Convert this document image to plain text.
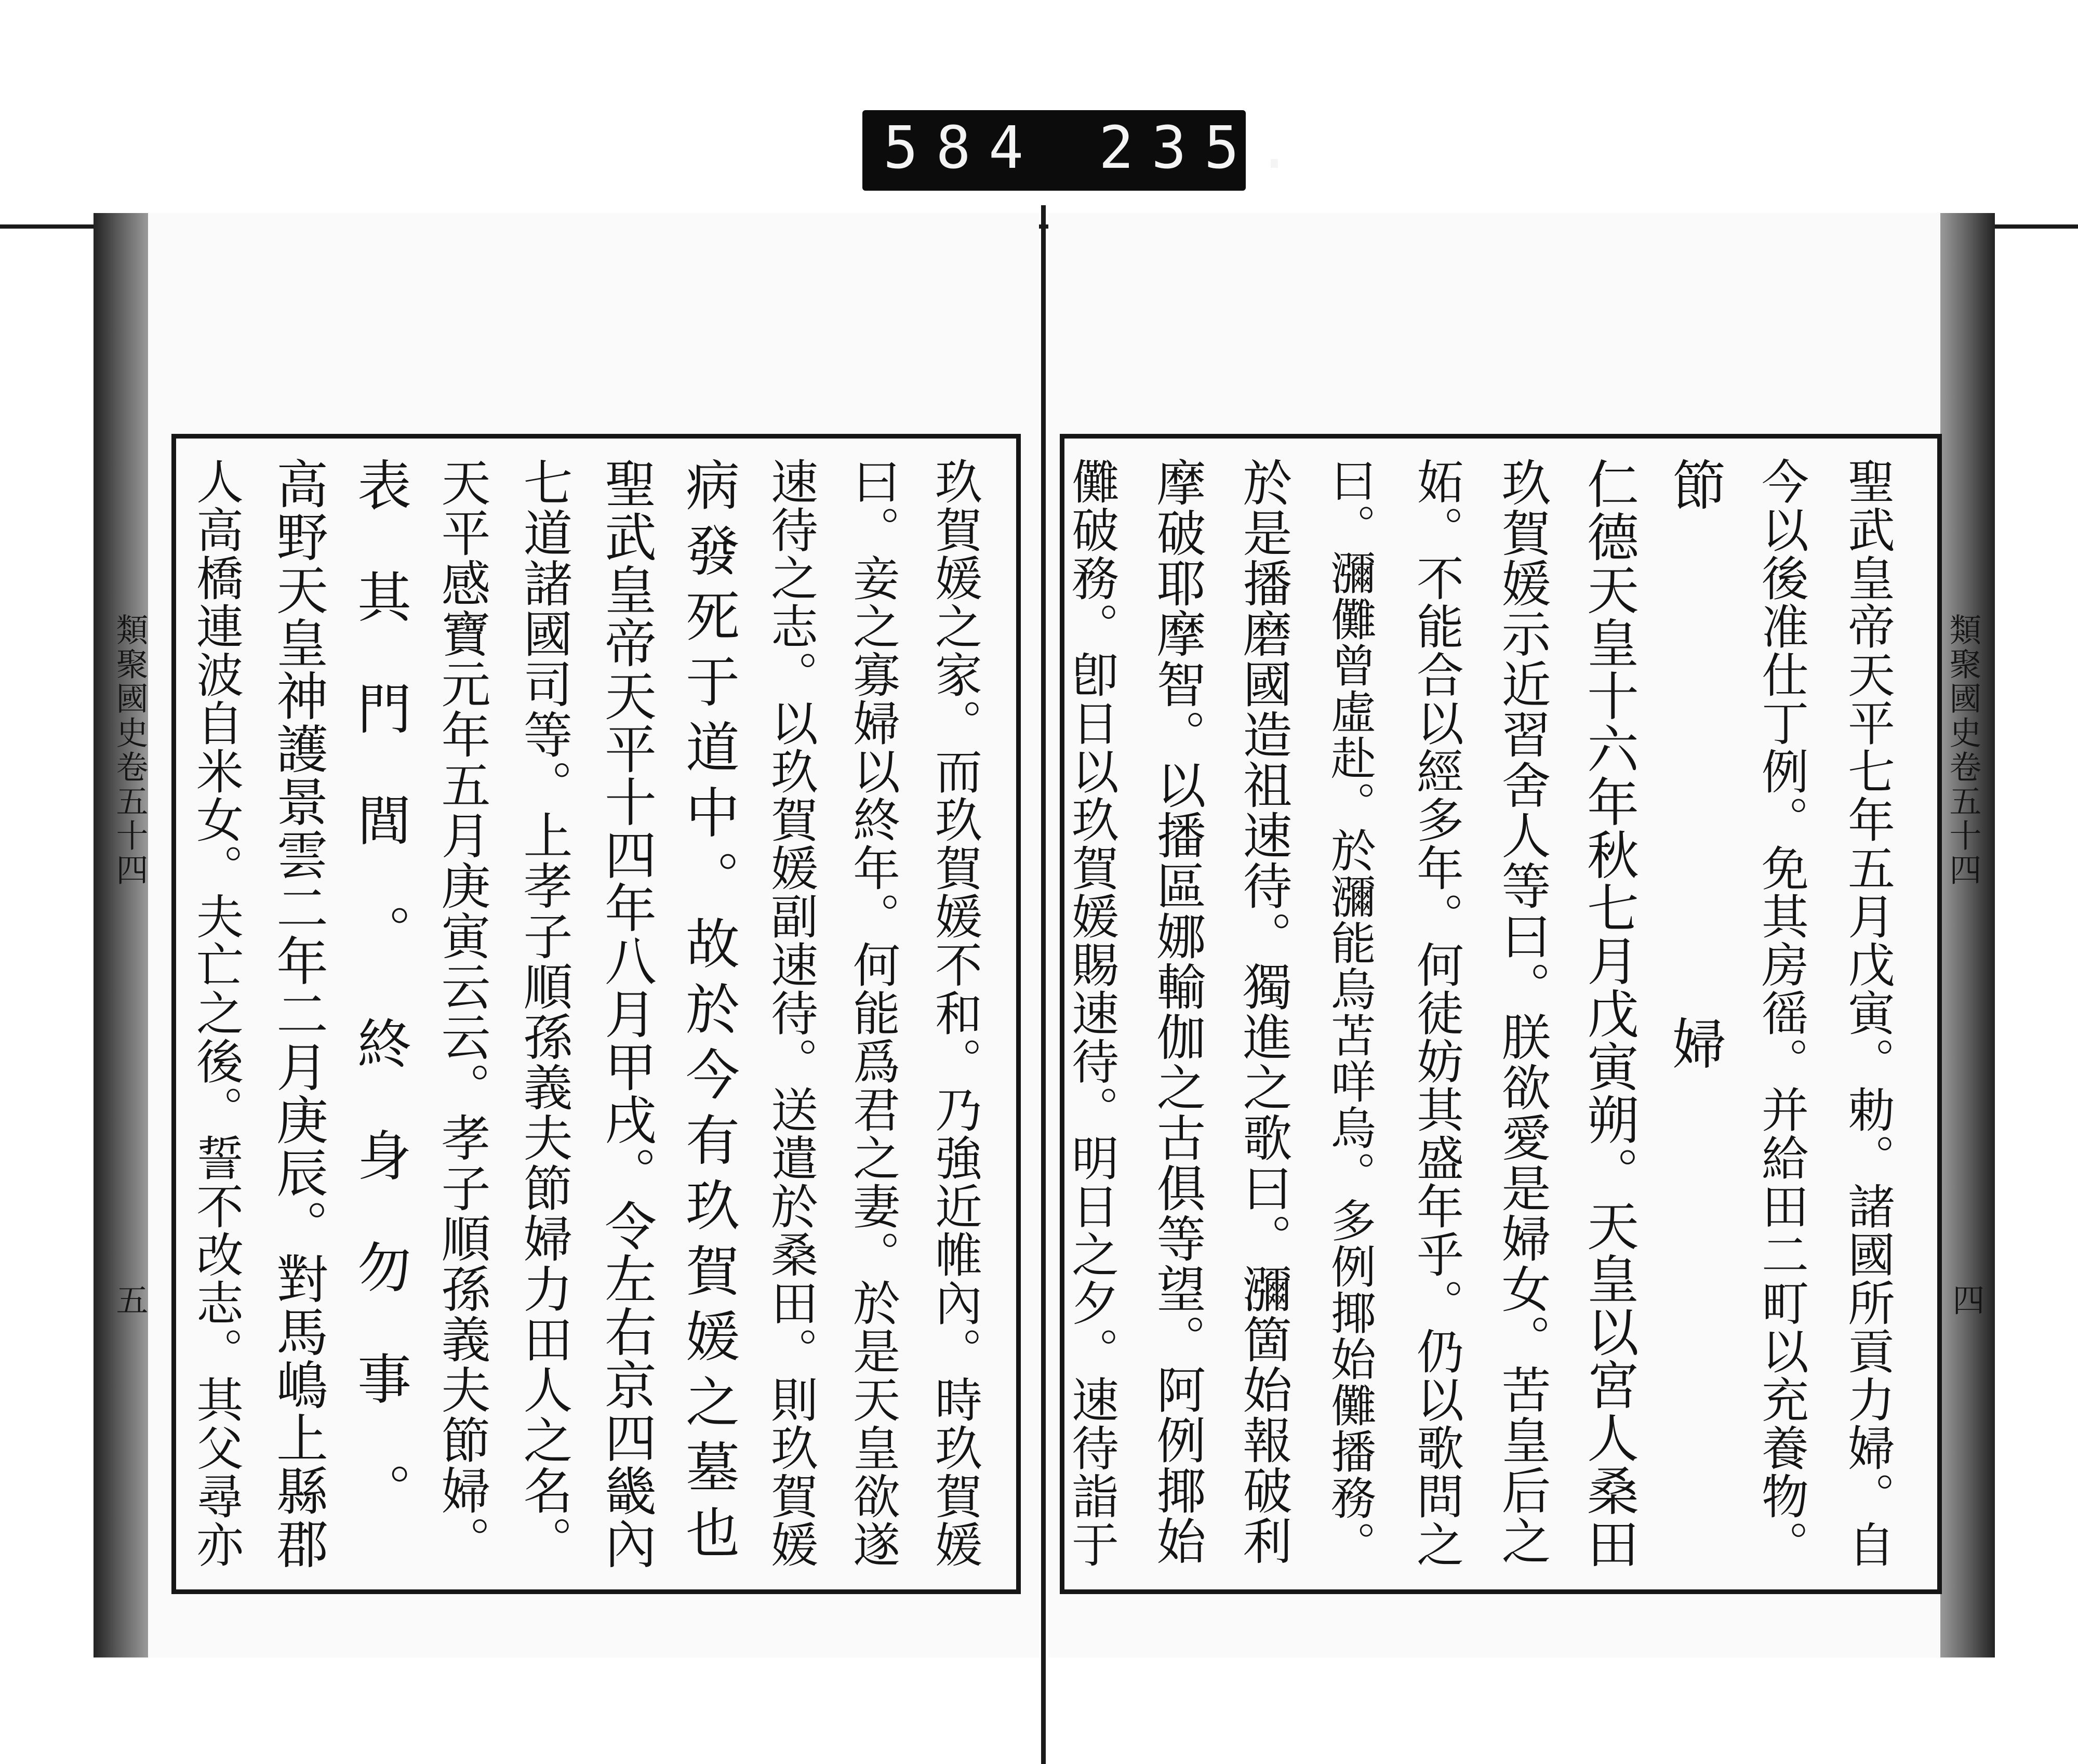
584 235.
類聚國史卷五十四
四
類聚國史卷五十四
五	聖武皇帝天平七年五月戊寅。勅。諸國所貢力婦。自
今以後准仕丁例。免其房徭。并給田二町以充養物。
節婦
仁德天皇十六年秋七月戊寅朔。天皇以宮人桑田
玖賀媛示近習舍人等曰。朕欲愛是婦女。苦皇后之
妬。不能合以經多年。何徒妨其盛年乎。仍以歌問之
曰。瀰儺曾虛赴。於瀰能烏苫咩烏。多例揶始儺播務。
於是播磨國造祖速待。獨進之歌曰。瀰箇始報破利
摩破耶摩智。以播區娜輸伽之古俱等望。阿例揶始
儺破務。卽日以玖賀媛賜速待。明日之夕。速待詣于
玖賀媛之家。而玖賀媛不和。乃強近帷內。時玖賀媛
曰。妾之寡婦以終年。何能爲君之妻。於是天皇欲遂
速待之志。以玖賀媛副速待。送遣於桑田。則玖賀媛
病發死于道中。故於今有玖賀媛之墓也
聖武皇帝天平十四年八月甲戌。令左右京四畿內
七道諸國司等。上孝子順孫義夫節婦力田人之名。
天平感寶元年五月庚寅云云。孝子順孫義夫節婦。
表其門閭。終身勿事。
高野天皇神護景雲二年二月庚辰。對馬嶋上縣郡
人高橋連波自米女。夫亡之後。誓不改志。其父尋亦
